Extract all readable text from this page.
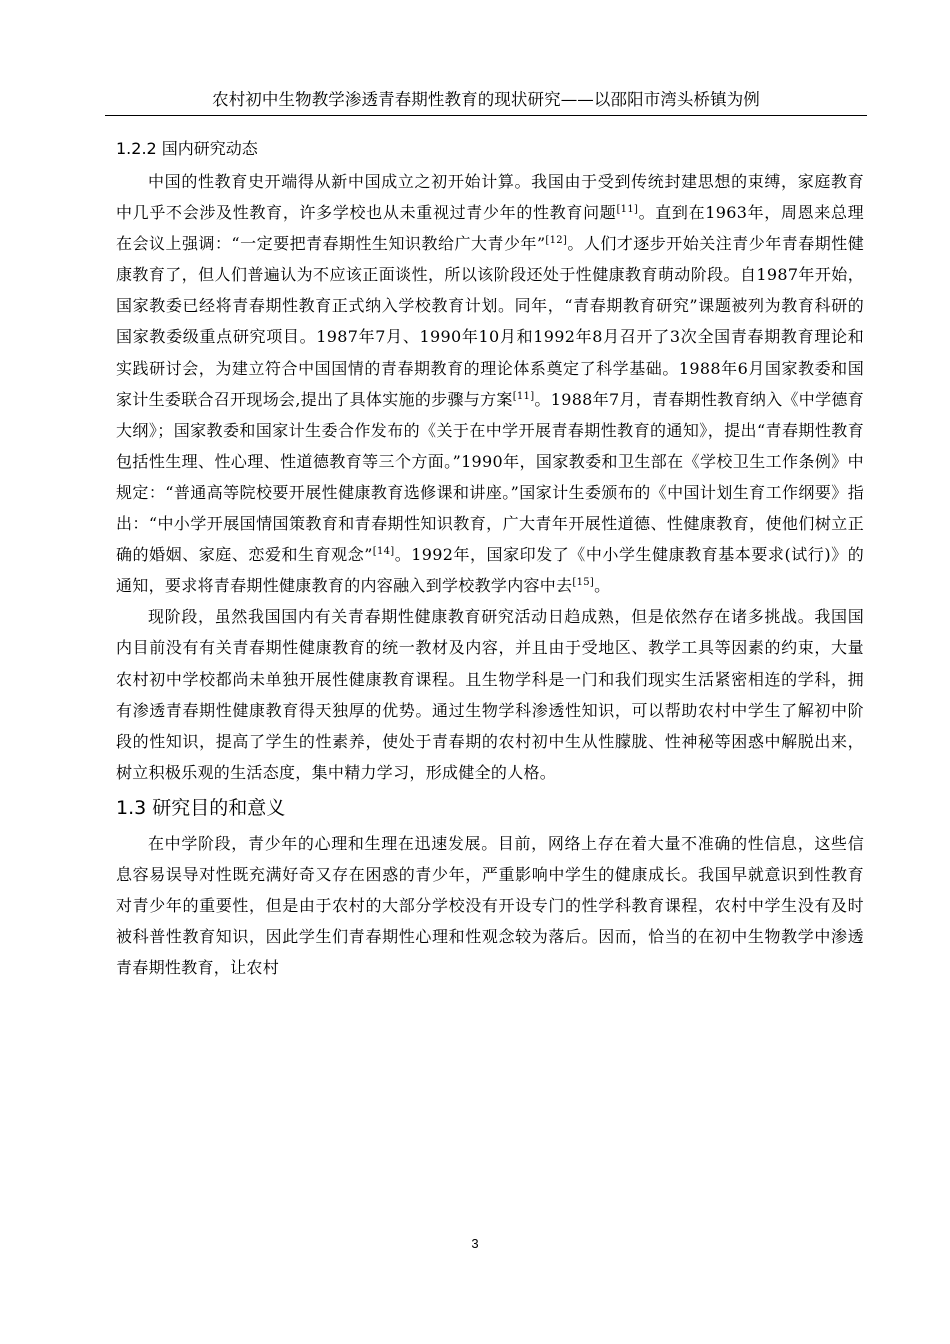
农村初中生物教学渗透青春期性教育的现状研究——以邵阳市湾头桥镇为例
1.2.2 国内研究动态

中国的性教育史开端得从新中国成立之初开始计算。我国由于受到传统封建思想的束缚，家庭教育中几乎不会涉及性教育，许多学校也从未重视过青少年的性教育问题[11]。直到在1963年，周恩来总理在会议上强调：“一定要把青春期性生知识教给广大青少年”[12]。人们才逐步开始关注青少年青春期性健康教育了，但人们普遍认为不应该正面谈性，所以该阶段还处于性健康教育萌动阶段。自1987年开始，国家教委已经将青春期性教育正式纳入学校教育计划。同年，“青春期教育研究”课题被列为教育科研的国家教委级重点研究项目。1987年7月、1990年10月和1992年8月召开了3次全国青春期教育理论和实践研讨会，为建立符合中国国情的青春期教育的理论体系奠定了科学基础。1988年6月国家教委和国家计生委联合召开现场会,提出了具体实施的步骤与方案[11]。1988年7月，青春期性教育纳入《中学德育大纲》；国家教委和国家计生委合作发布的《关于在中学开展青春期性教育的通知》，提出“青春期性教育包括性生理、性心理、性道德教育等三个方面。”1990年，国家教委和卫生部在《学校卫生工作条例》中规定：“普通高等院校要开展性健康教育选修课和讲座。”国家计生委颁布的《中国计划生育工作纲要》指出：“中小学开展国情国策教育和青春期性知识教育，广大青年开展性道德、性健康教育，使他们树立正确的婚姻、家庭、恋爱和生育观念”[14]。1992年，国家印发了《中小学生健康教育基本要求(试行)》的通知，要求将青春期性健康教育的内容融入到学校教学内容中去[15]。

现阶段，虽然我国国内有关青春期性健康教育研究活动日趋成熟，但是依然存在诸多挑战。我国国内目前没有有关青春期性健康教育的统一教材及内容，并且由于受地区、教学工具等因素的约束，大量农村初中学校都尚未单独开展性健康教育课程。且生物学科是一门和我们现实生活紧密相连的学科，拥有渗透青春期性健康教育得天独厚的优势。通过生物学科渗透性知识，可以帮助农村中学生了解初中阶段的性知识，提高了学生的性素养，使处于青春期的农村初中生从性朦胧、性神秘等困惑中解脱出来，树立积极乐观的生活态度，集中精力学习，形成健全的人格。

1.3 研究目的和意义

在中学阶段，青少年的心理和生理在迅速发展。目前，网络上存在着大量不准确的性信息，这些信息容易误导对性既充满好奇又存在困惑的青少年，严重影响中学生的健康成长。我国早就意识到性教育对青少年的重要性，但是由于农村的大部分学校没有开设专门的性学科教育课程，农村中学生没有及时被科普性教育知识，因此学生们青春期性心理和性观念较为落后。因而，恰当的在初中生物教学中渗透青春期性教育，让农村

3
